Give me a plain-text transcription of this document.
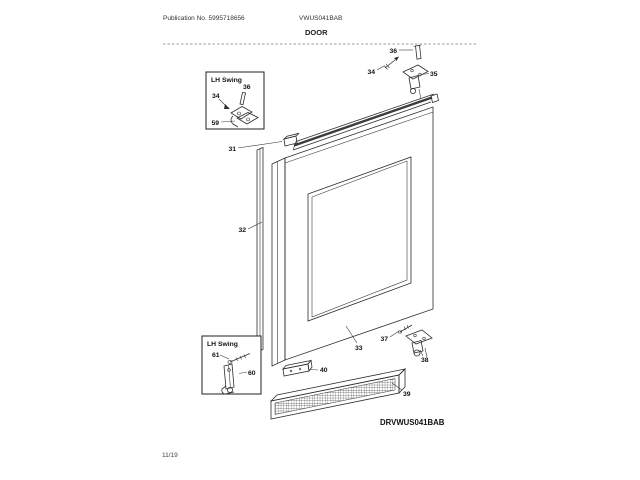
Publication No. 5995718656	VWUS041BAB
DOOR
36
34	35
LH Swing
36
34
59
31
32
33
37
38
40
39
LH Swing
61
60
DRVWUS041BAB
11/19
